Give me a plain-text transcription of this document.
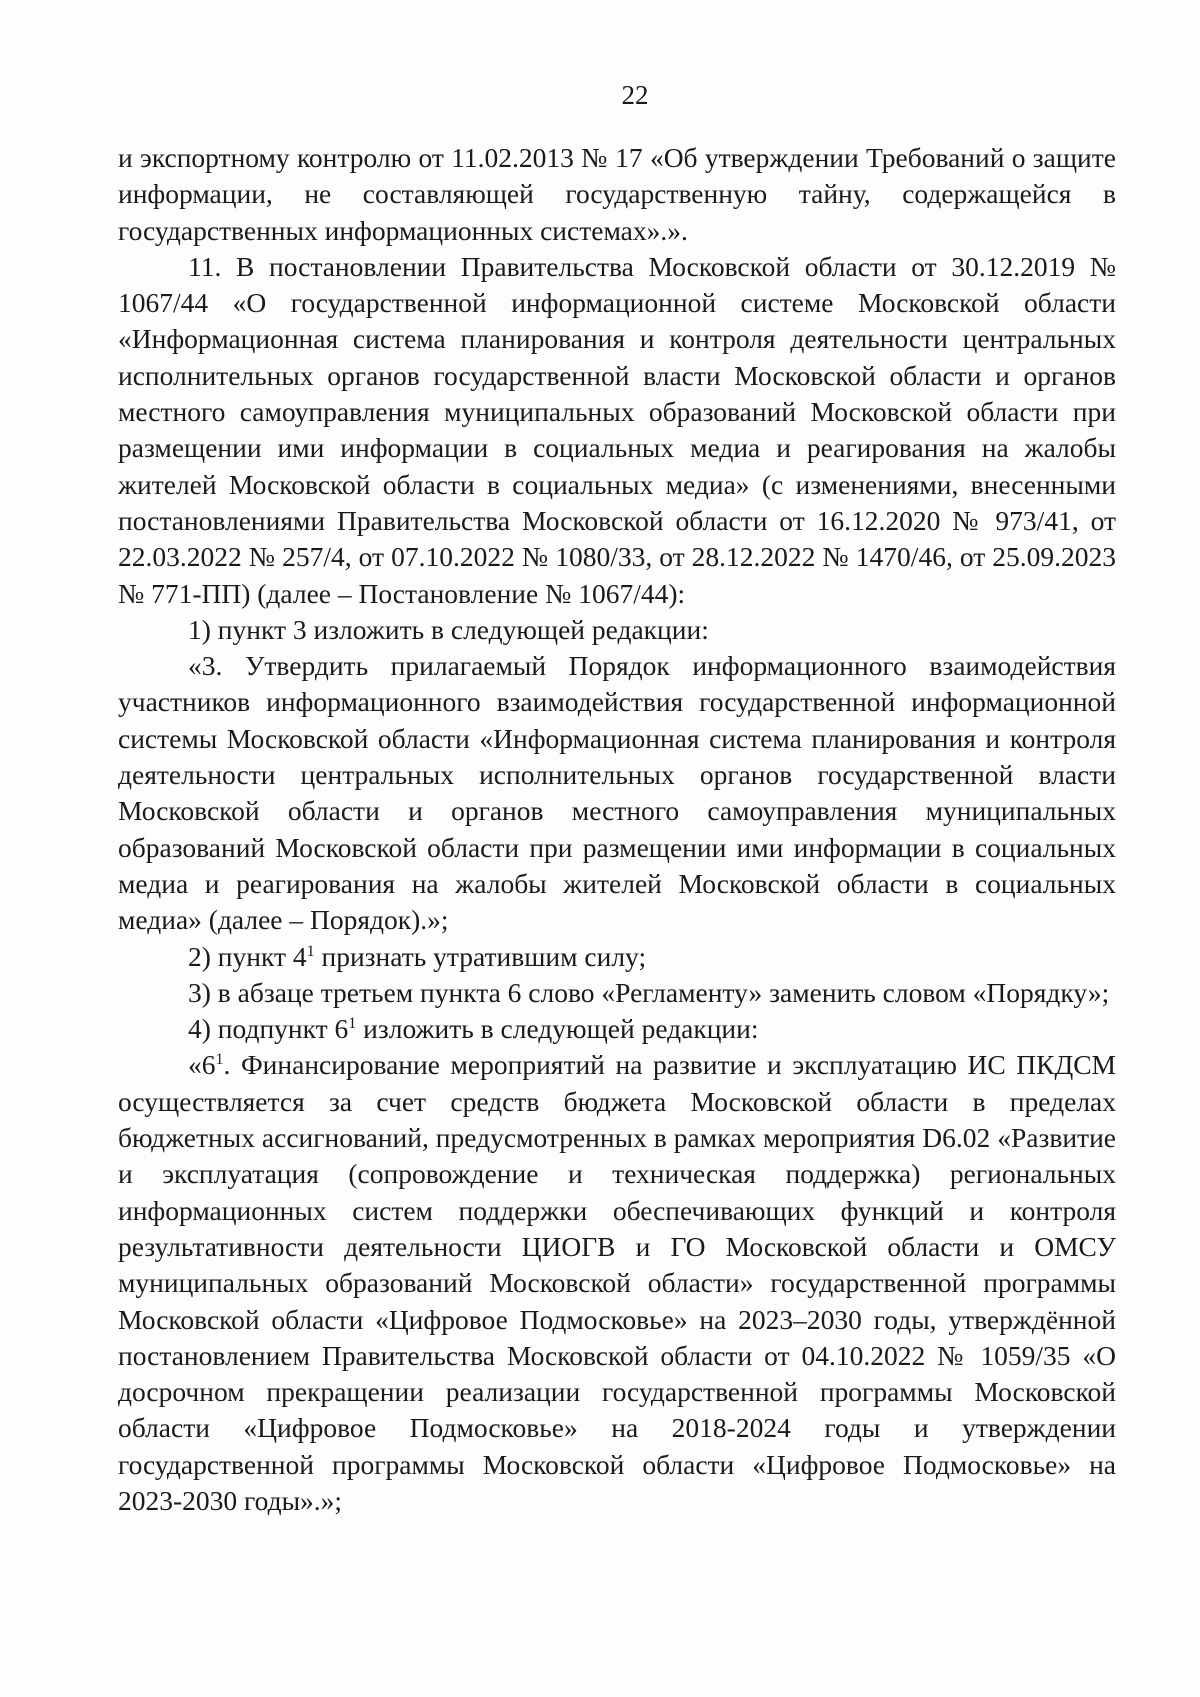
22

и экспортному контролю от 11.02.2013 № 17 «Об утверждении Требований о защите информации, не составляющей государственную тайну, содержащейся в государственных информационных системах».».

11. В постановлении Правительства Московской области от 30.12.2019 № 1067/44 «О государственной информационной системе Московской области «Информационная система планирования и контроля деятельности центральных исполнительных органов государственной власти Московской области и органов местного самоуправления муниципальных образований Московской области при размещении ими информации в социальных медиа и реагирования на жалобы жителей Московской области в социальных медиа» (с изменениями, внесенными постановлениями Правительства Московской области от 16.12.2020 № 973/41, от 22.03.2022 № 257/4, от 07.10.2022 № 1080/33, от 28.12.2022 № 1470/46, от 25.09.2023 № 771-ПП) (далее – Постановление № 1067/44):

1) пункт 3 изложить в следующей редакции:

«3. Утвердить прилагаемый Порядок информационного взаимодействия участников информационного взаимодействия государственной информационной системы Московской области «Информационная система планирования и контроля деятельности центральных исполнительных органов государственной власти Московской области и органов местного самоуправления муниципальных образований Московской области при размещении ими информации в социальных медиа и реагирования на жалобы жителей Московской области в социальных медиа» (далее – Порядок).»;

2) пункт $4^1$ признать утратившим силу;

3) в абзаце третьем пункта 6 слово «Регламенту» заменить словом «Порядку»;

4) подпункт $6^1$ изложить в следующей редакции:

«$6^1$. Финансирование мероприятий на развитие и эксплуатацию ИС ПКДСМ осуществляется за счет средств бюджета Московской области в пределах бюджетных ассигнований, предусмотренных в рамках мероприятия D6.02 «Развитие и эксплуатация (сопровождение и техническая поддержка) региональных информационных систем поддержки обеспечивающих функций и контроля результативности деятельности ЦИОГВ и ГО Московской области и ОМСУ муниципальных образований Московской области» государственной программы Московской области «Цифровое Подмосковье» на 2023–2030 годы, утверждённой постановлением Правительства Московской области от 04.10.2022 № 1059/35 «О досрочном прекращении реализации государственной программы Московской области «Цифровое Подмосковье» на 2018-2024 годы и утверждении государственной программы Московской области «Цифровое Подмосковье» на 2023-2030 годы».»;
